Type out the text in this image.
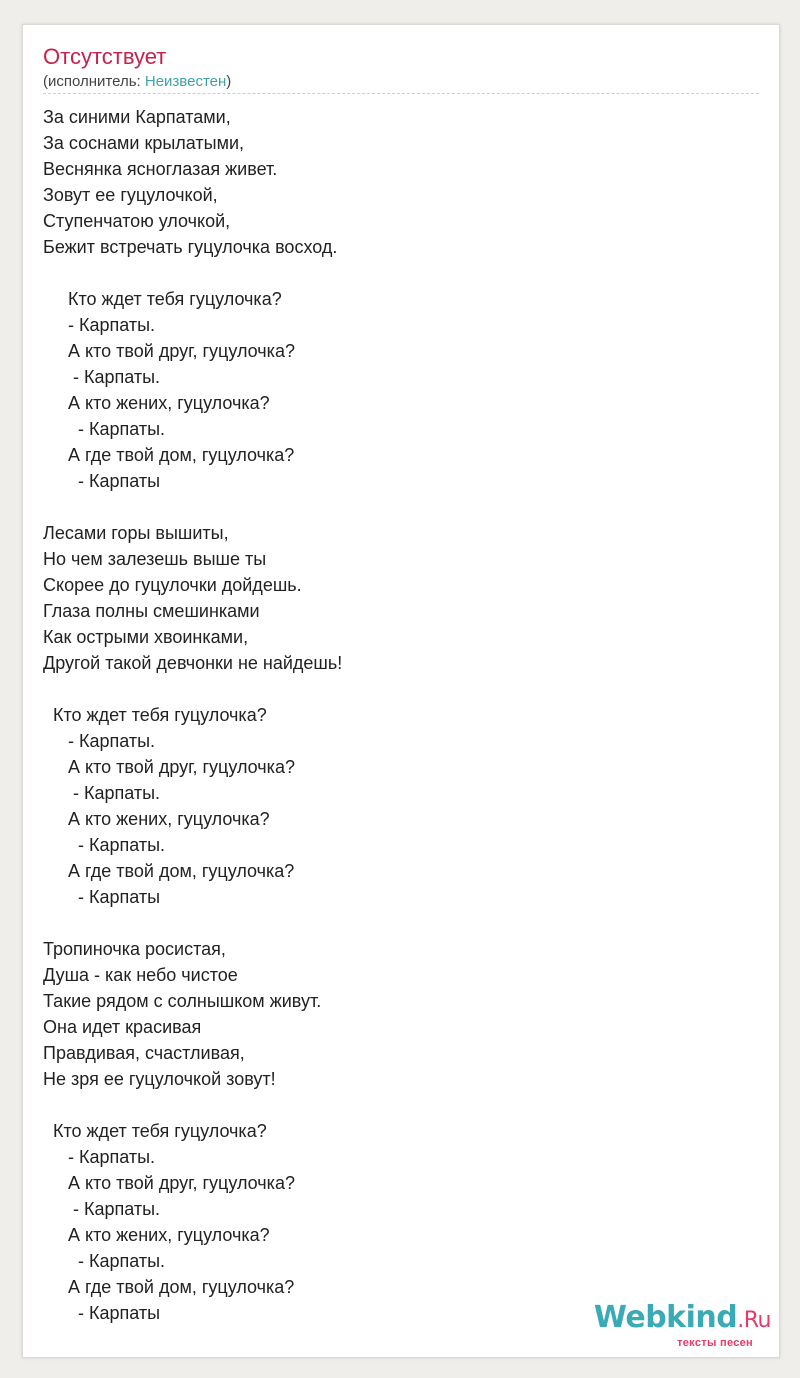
Отсутствует
(исполнитель: Неизвестен)
За синими Карпатами,
За соснами крылатыми,
Веснянка ясноглазая живет.
Зовут ее гуцулочкой,
Ступенчатою улочкой,
Бежит встречать гуцулочка восход.
Кто ждет тебя гуцулочка?
- Карпаты.
А кто твой друг, гуцулочка?
- Карпаты.
А кто жених, гуцулочка?
- Карпаты.
А где твой дом, гуцулочка?
- Карпаты
Лесами горы вышиты,
Но чем залезешь выше ты
Скорее до гуцулочки дойдешь.
Глаза полны смешинками
Как острыми хвоинками,
Другой такой девчонки не найдешь!
Кто ждет тебя гуцулочка?
- Карпаты.
А кто твой друг, гуцулочка?
- Карпаты.
А кто жених, гуцулочка?
- Карпаты.
А где твой дом, гуцулочка?
- Карпаты
Тропиночка росистая,
Душа - как небо чистое
Такие рядом с солнышком живут.
Она идет красивая
Правдивая, счастливая,
Не зря ее гуцулочкой зовут!
Кто ждет тебя гуцулочка?
- Карпаты.
А кто твой друг, гуцулочка?
- Карпаты.
А кто жених, гуцулочка?
- Карпаты.
А где твой дом, гуцулочка?
- Карпаты	Webkind.Ru
тексты песен
